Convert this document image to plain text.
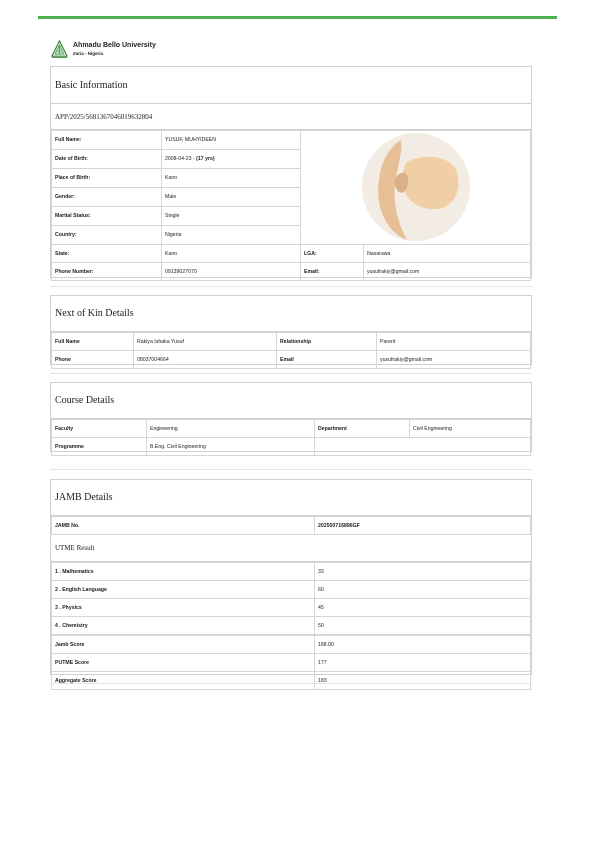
Ahmadu Bello University
Zaria - Nigeria
Basic Information
APP/2025/5681367046019632804
Full Name:	YUSUF, MUHYIDEEN	
Date of Birth:	2008-04-23 - (17 yrs)		
Place of Birth:	Kano		
Gender:	Male		
Marital Status:	Single		
Country:	Nigeria		
State:	Kano	LGA:	Nasarawa
Phone Number:	09139027070	Email:	yusufrakiy@gmail.com
Next of Kin Details
Full Name	Rakiya Ishaka Yusuf	Relationship	Parent
Phone	08037004664	Email	yusufrakiy@gmail.com
Course Details
Faculty	Engineering	Department	Civil Engineering
Programme	B.Eng. Civil Engineering		
JAMB Details
JAMB No.	202550716896GF
UTME Result
1 . Mathematics	33
2 . English Language	60
3 . Physics	45
4 . Chemistry	50
Jamb Score	188.00
PUTME Score	177
Aggregate Score	183
